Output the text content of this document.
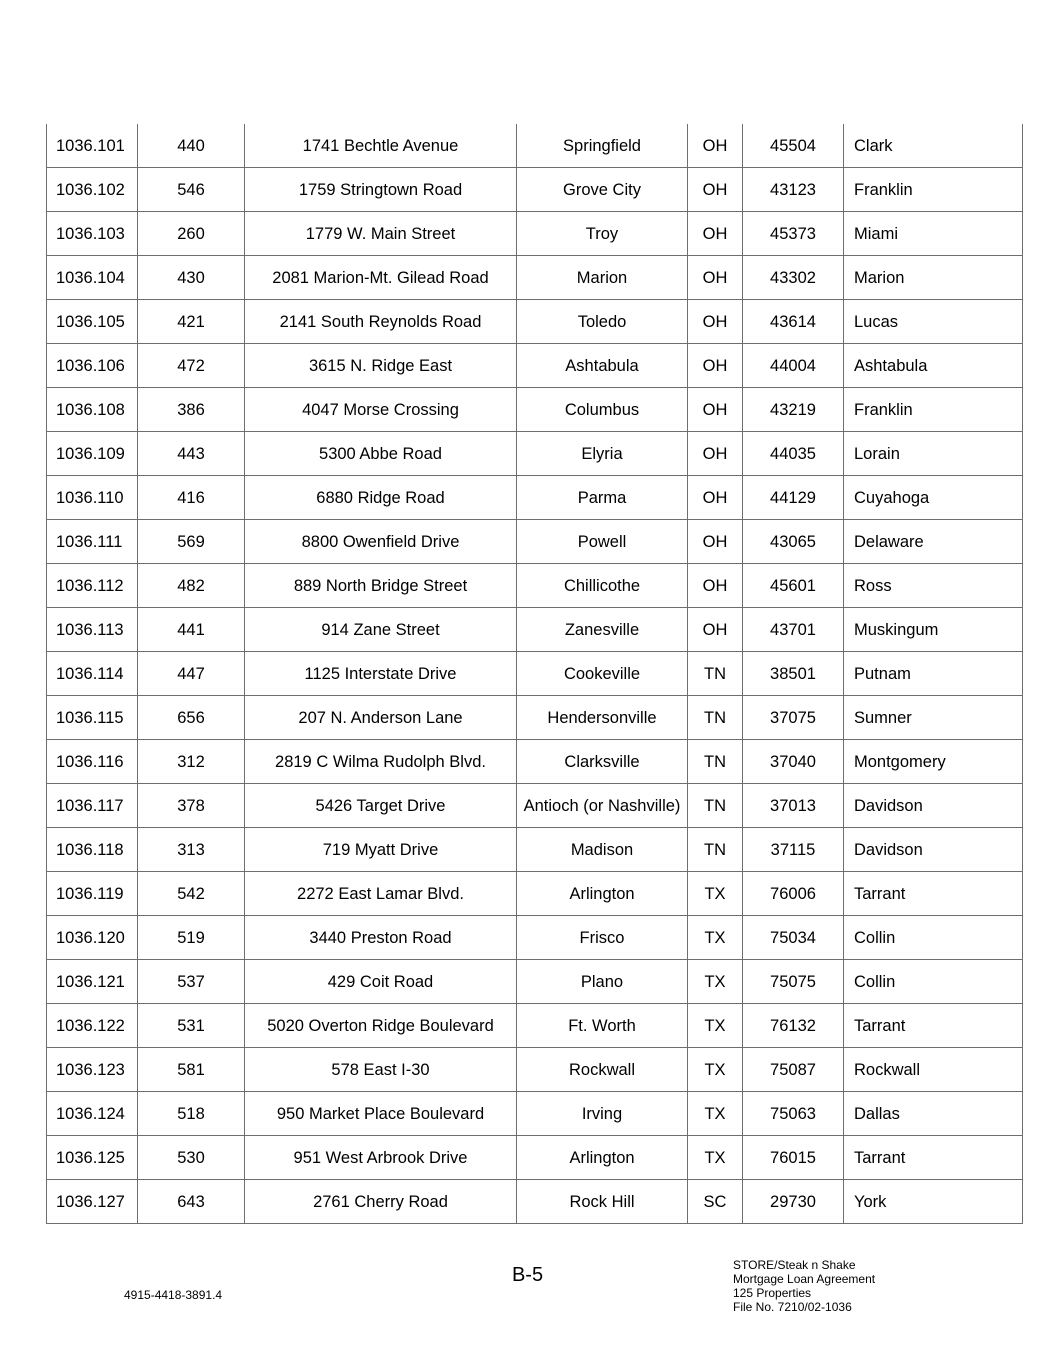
1036.101	440	1741 Bechtle Avenue	Springfield	OH	45504	Clark
1036.102	546	1759 Stringtown Road	Grove City	OH	43123	Franklin
1036.103	260	1779 W. Main Street	Troy	OH	45373	Miami
1036.104	430	2081 Marion-Mt. Gilead Road	Marion	OH	43302	Marion
1036.105	421	2141 South Reynolds Road	Toledo	OH	43614	Lucas
1036.106	472	3615 N. Ridge East	Ashtabula	OH	44004	Ashtabula
1036.108	386	4047 Morse Crossing	Columbus	OH	43219	Franklin
1036.109	443	5300 Abbe Road	Elyria	OH	44035	Lorain
1036.110	416	6880 Ridge Road	Parma	OH	44129	Cuyahoga
1036.111	569	8800 Owenfield Drive	Powell	OH	43065	Delaware
1036.112	482	889 North Bridge Street	Chillicothe	OH	45601	Ross
1036.113	441	914 Zane Street	Zanesville	OH	43701	Muskingum
1036.114	447	1125 Interstate Drive	Cookeville	TN	38501	Putnam
1036.115	656	207 N. Anderson Lane	Hendersonville	TN	37075	Sumner
1036.116	312	2819 C Wilma Rudolph Blvd.	Clarksville	TN	37040	Montgomery
1036.117	378	5426 Target Drive	Antioch (or Nashville)	TN	37013	Davidson
1036.118	313	719 Myatt Drive	Madison	TN	37115	Davidson
1036.119	542	2272 East Lamar Blvd.	Arlington	TX	76006	Tarrant
1036.120	519	3440 Preston Road	Frisco	TX	75034	Collin
1036.121	537	429 Coit Road	Plano	TX	75075	Collin
1036.122	531	5020 Overton Ridge Boulevard	Ft. Worth	TX	76132	Tarrant
1036.123	581	578 East I-30	Rockwall	TX	75087	Rockwall
1036.124	518	950 Market Place Boulevard	Irving	TX	75063	Dallas
1036.125	530	951 West Arbrook Drive	Arlington	TX	76015	Tarrant
1036.127	643	2761 Cherry Road	Rock Hill	SC	29730	York
B-5
4915-4418-3891.4
STORE/Steak n Shake
Mortgage Loan Agreement
125 Properties
File No. 7210/02-1036
